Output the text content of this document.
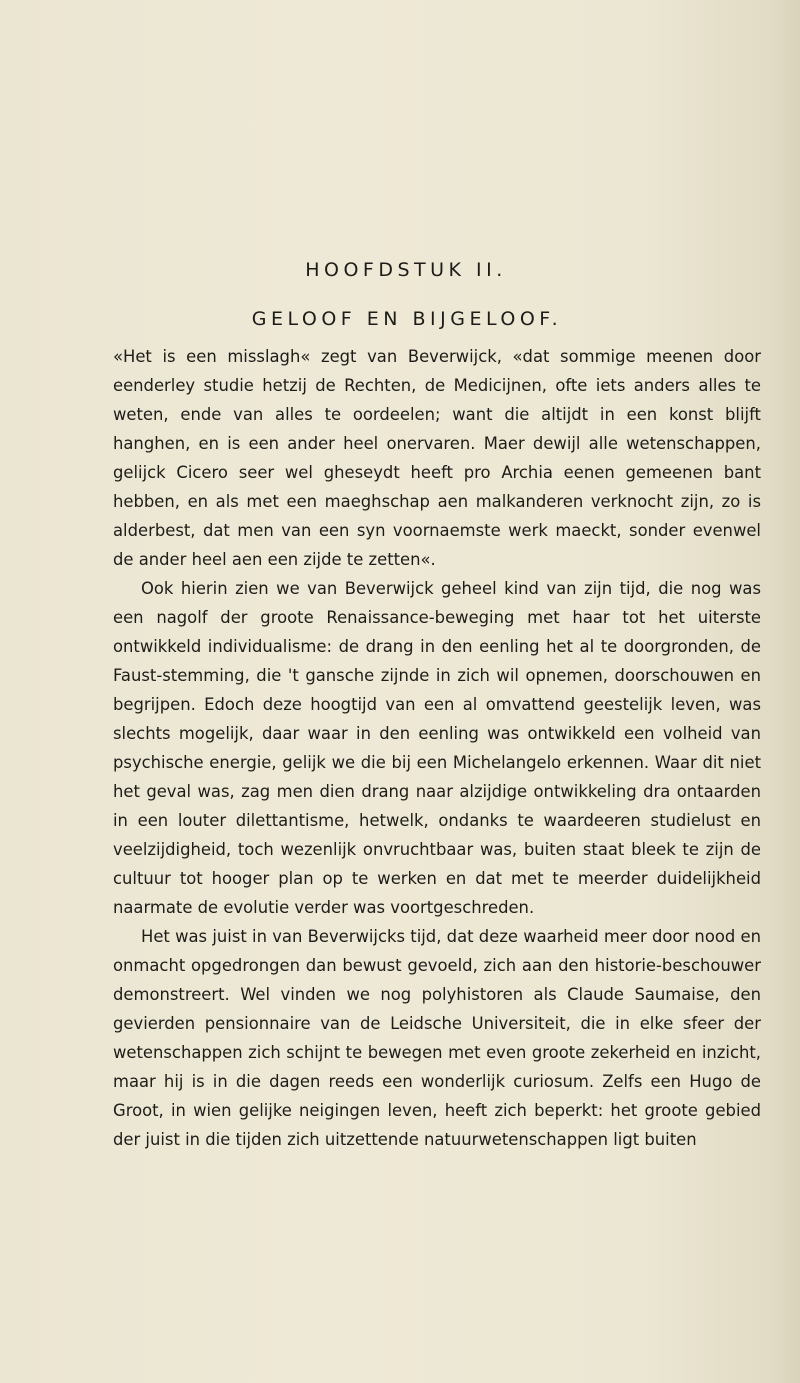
HOOFDSTUK II.
GELOOF EN BIJGELOOF.

«Het is een misslagh« zegt van Beverwijck, «dat sommige meenen door eenderley studie hetzij de Rechten, de Medicijnen, ofte iets anders alles te weten, ende van alles te oordeelen; want die altijdt in een konst blijft hanghen, en is een ander heel onervaren. Maer dewijl alle wetenschappen, gelijck Cicero seer wel gheseydt heeft pro Archia eenen gemeenen bant hebben, en als met een maeghschap aen malkanderen verknocht zijn, zo is alderbest, dat men van een syn voornaemste werk maeckt, sonder evenwel de ander heel aen een zijde te zetten«.

Ook hierin zien we van Beverwijck geheel kind van zijn tijd, die nog was een nagolf der groote Renaissance-beweging met haar tot het uiterste ontwikkeld individualisme: de drang in den eenling het al te doorgronden, de Faust-stemming, die 't gansche zijnde in zich wil opnemen, doorschouwen en begrijpen. Edoch deze hoogtijd van een al omvattend geestelijk leven, was slechts mogelijk, daar waar in den eenling was ontwikkeld een volheid van psychische energie, gelijk we die bij een Michelangelo erkennen. Waar dit niet het geval was, zag men dien drang naar alzijdige ontwikkeling dra ontaarden in een louter dilettantisme, hetwelk, ondanks te waardeeren studielust en veelzijdigheid, toch wezenlijk onvruchtbaar was, buiten staat bleek te zijn de cultuur tot hooger plan op te werken en dat met te meerder duidelijkheid naarmate de evolutie verder was voortgeschreden.

Het was juist in van Beverwijcks tijd, dat deze waarheid meer door nood en onmacht opgedrongen dan bewust gevoeld, zich aan den historie-beschouwer demonstreert. Wel vinden we nog polyhistoren als Claude Saumaise, den gevierden pensionnaire van de Leidsche Universiteit, die in elke sfeer der wetenschappen zich schijnt te bewegen met even groote zekerheid en inzicht, maar hij is in die dagen reeds een wonderlijk curiosum. Zelfs een Hugo de Groot, in wien gelijke neigingen leven, heeft zich beperkt: het groote gebied der juist in die tijden zich uitzettende natuurwetenschappen ligt buiten
